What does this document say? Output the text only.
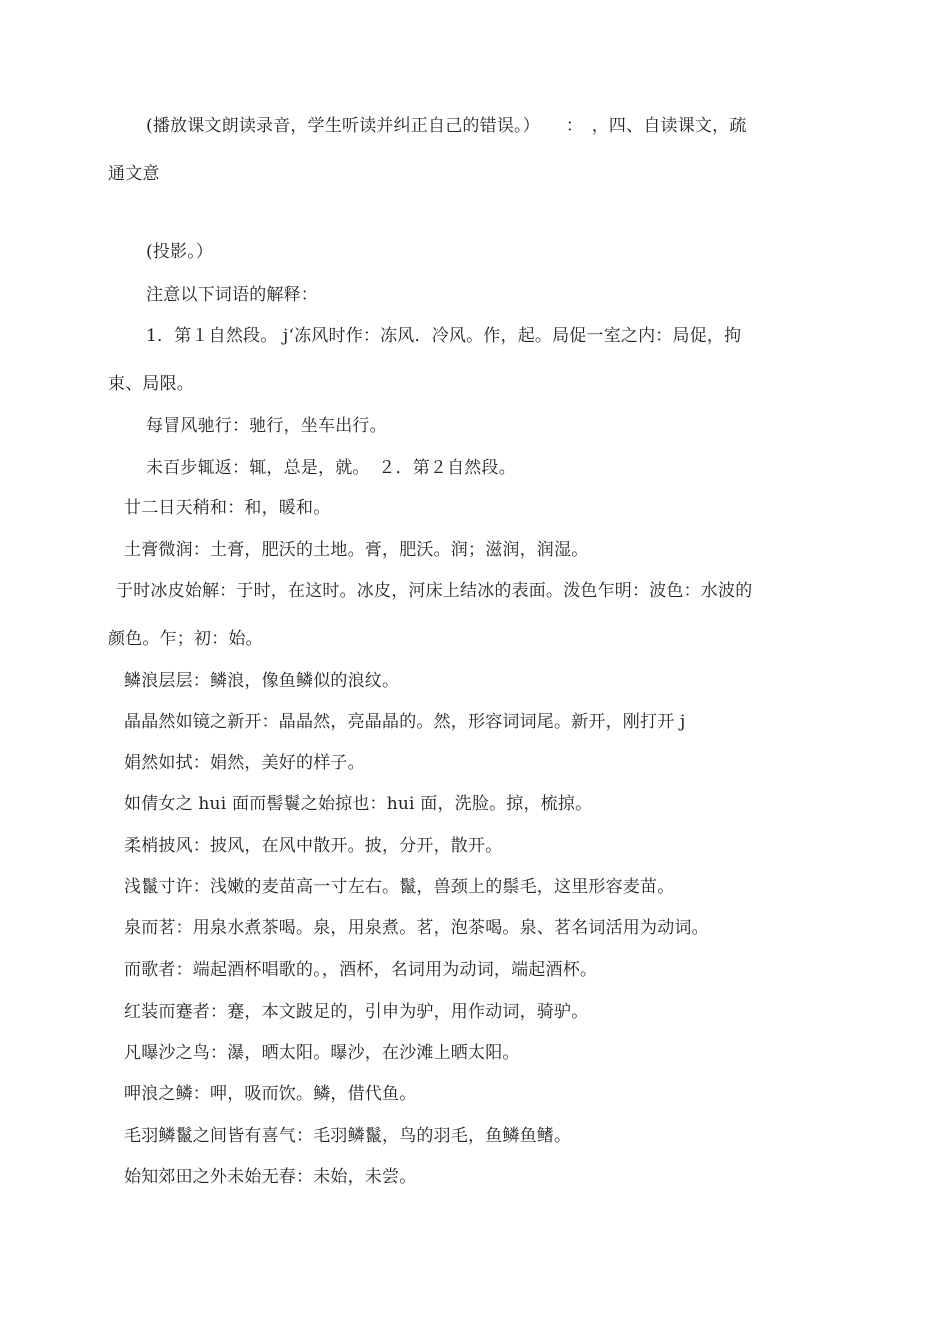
(播放课文朗读录音，学生听读并纠正自己的错误。）　　：　，四、自读课文，疏
通文意
(投影。）
注意以下词语的解释：
1．第１自然段。 j‘冻风时作：冻风．冷风。作，起。局促一室之内：局促，拘
束、局限。
每冒风驰行：驰行，坐车出行。
未百步辄返：辄，总是，就。　２．第２自然段。
廿二日天稍和：和，暖和。
土膏微润：土膏，肥沃的土地。膏，肥沃。润；滋润，润湿。
于时冰皮始解：于时，在这时。冰皮，河床上结冰的表面。泼色乍明：波色：水波的
颜色。乍；初：始。
鳞浪层层：鳞浪，像鱼鳞似的浪纹。
晶晶然如镜之新开：晶晶然，亮晶晶的。然，形容词词尾。新开，刚打开 j
娟然如拭：娟然，美好的样子。
如倩女之 hui 面而髻鬟之始掠也：hui 面，洗脸。掠，梳掠。
柔梢披风：披风，在风中散开。披，分开，散开。
浅鬣寸许：浅嫩的麦苗高一寸左右。鬣，兽颈上的鬃毛，这里形容麦苗。
泉而茗：用泉水煮茶喝。泉，用泉煮。茗，泡茶喝。泉、茗名词活用为动词。
而歌者：端起酒杯唱歌的。，酒杯，名词用为动词，端起酒杯。
红装而蹇者：蹇，本文跛足的，引申为驴，用作动词，骑驴。
凡曝沙之鸟：瀑，晒太阳。曝沙，在沙滩上晒太阳。
呷浪之鳞：呷，吸而饮。鳞，借代鱼。
毛羽鳞鬣之间皆有喜气：毛羽鳞鬣，鸟的羽毛，鱼鳞鱼鳍。
始知郊田之外未始无春：未始，未尝。
